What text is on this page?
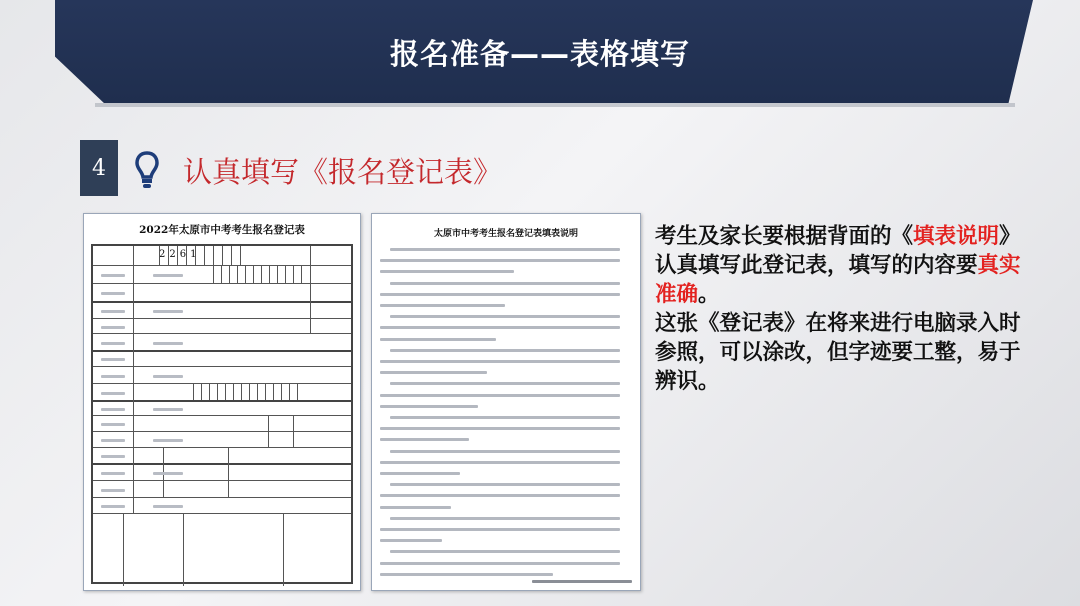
报名准备——表格填写
4	认真填写《报名登记表》
2022年太原市中考考生报名登记表
2261
太原市中考考生报名登记表填表说明	考生及家长要根据背面的《填表说明》认真填写此登记表，填写的内容要真实准确。
这张《登记表》在将来进行电脑录入时参照，可以涂改，但字迹要工整，易于辨识。
